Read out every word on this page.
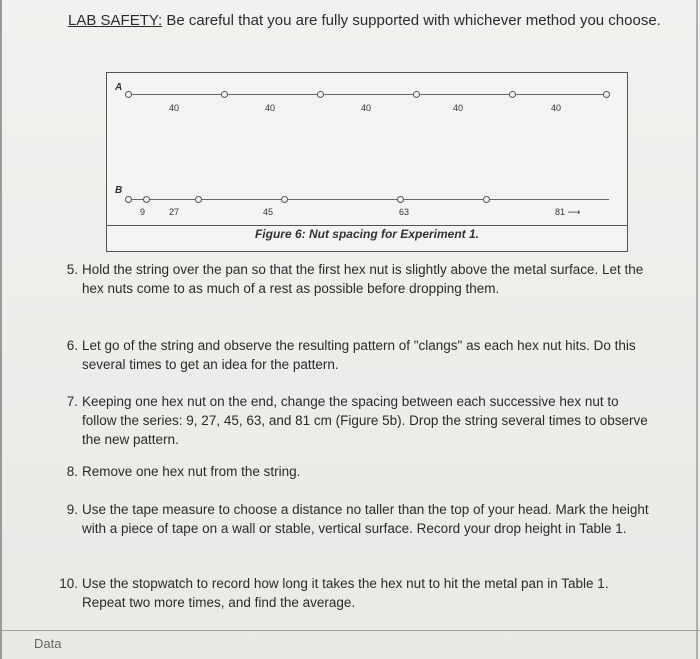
LAB SAFETY: Be careful that you are fully supported with whichever method you choose.
A
40	40	40	40	40
B
9	27	45	63	81 ⟶
Figure 6: Nut spacing for Experiment 1.
5. Hold the string over the pan so that the first hex nut is slightly above the metal surface. Let the hex nuts come to as much of a rest as possible before dropping them.
6. Let go of the string and observe the resulting pattern of "clangs" as each hex nut hits. Do this several times to get an idea for the pattern.
7. Keeping one hex nut on the end, change the spacing between each successive hex nut to follow the series: 9, 27, 45, 63, and 81 cm (Figure 5b). Drop the string several times to observe the new pattern.
8. Remove one hex nut from the string.
9. Use the tape measure to choose a distance no taller than the top of your head. Mark the height with a piece of tape on a wall or stable, vertical surface. Record your drop height in Table 1.
10. Use the stopwatch to record how long it takes the hex nut to hit the metal pan in Table 1. Repeat two more times, and find the average.
Data
